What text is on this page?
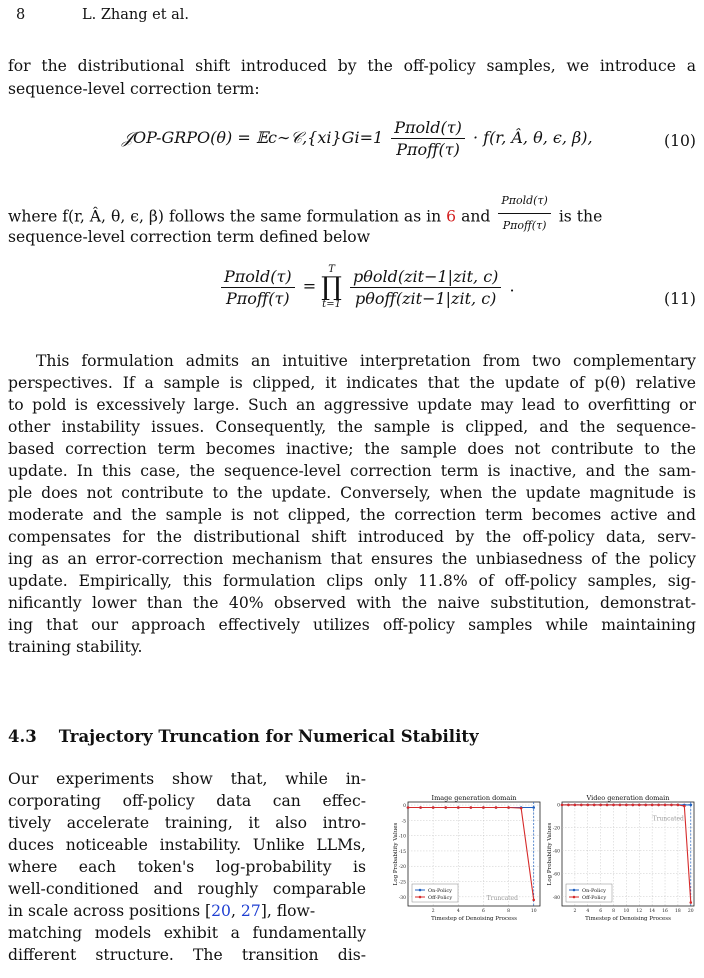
8	L. Zhang et al.
for the distributional shift introduced by the off-policy samples, we introduce a
sequence-level correction term:
𝒥OP-GRPO(θ) = 𝔼c∼𝒞,{xi}Gi=1 $\frac{\text{Pπold(τ)}}{\text{Pπoff(τ)}} \cdot f(r$, Â, θ, ϵ, β),	(10)
where f(r, Â, θ, ϵ, β) follows the same formulation as in 6 and $\frac{\text{Pπold(τ)}}{\text{Pπoff(τ)}}$ is the
sequence-level correction term defined below
$\frac{\text{Pπold(τ)}}{\text{Pπoff(τ)}}$ =
T
∏
t=1
$\frac{\text{pθold(zit−1|zit, c)}}{\text{pθoff(zit−1|zit, c)}}$ .
(11)
This formulation admits an intuitive interpretation from two complementary
perspectives. If a sample is clipped, it indicates that the update of p(θ) relative
to pold is excessively large. Such an aggressive update may lead to overfitting or
other instability issues. Consequently, the sample is clipped, and the sequence-
based correction term becomes inactive; the sample does not contribute to the
update. In this case, the sequence-level correction term is inactive, and the sam-
ple does not contribute to the update. Conversely, when the update magnitude is
moderate and the sample is not clipped, the correction term becomes active and
compensates for the distributional shift introduced by the off-policy data, serv-
ing as an error-correction mechanism that ensures the unbiasedness of the policy
update. Empirically, this formulation clips only 11.8% of off-policy samples, sig-
nificantly lower than the 40% observed with the naive substitution, demonstrat-
ing that our approach effectively utilizes off-policy samples while maintaining
training stability.
4.3 Trajectory Truncation for Numerical Stability
Our experiments show that, while in-
corporating off-policy data can effec-
tively accelerate training, it also intro-
duces noticeable instability. Unlike LLMs,
where each token's log-probability is
well-conditioned and roughly comparable
in scale across positions [20, 27], flow-
matching models exhibit a fundamentally
different structure. The transition dis-
Image generation domain
0
-5
-10
-15
-20
-25
-30
2	4	6	8	10
Timestep of Denoising Process
Log Probability Values
On-Policy
Off-Policy	Truncated
Video generation domain
0
-20
-40
-60
-80
2 4 6 8 10 12 14 16 18 20
Timestep of Denoising Process
Log Probability Values
On-Policy
Off-Policy
Truncated
